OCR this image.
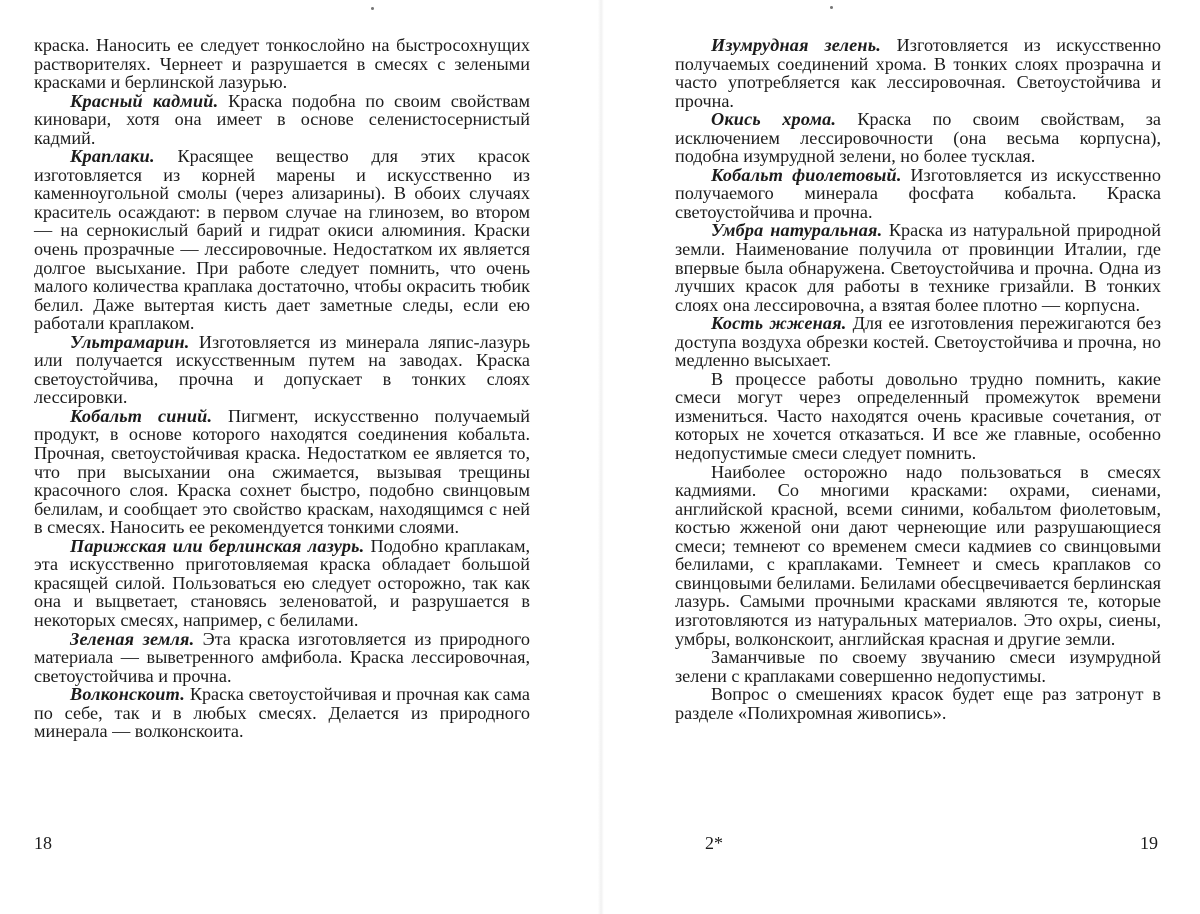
краска. Наносить ее следует тонкослойно на быстросохнущих растворителях. Чернеет и разрушается в смесях с зелеными красками и берлинской лазурью.

Красный кадмий. Краска подобна по своим свойствам киновари, хотя она имеет в основе селенистосернистый кадмий.

Краплаки. Красящее вещество для этих красок изготовляется из корней марены и искусственно из каменноугольной смолы (через ализарины). В обоих случаях краситель осаждают: в первом случае на глинозем, во втором — на сернокислый барий и гидрат окиси алюминия. Краски очень прозрачные — лессировочные. Недостатком их является долгое высыхание. При работе следует помнить, что очень малого количества краплака достаточно, чтобы окрасить тюбик белил. Даже вытертая кисть дает заметные следы, если ею работали краплаком.

Ультрамарин. Изготовляется из минерала ляпис-лазурь или получается искусственным путем на заводах. Краска светоустойчива, прочна и допускает в тонких слоях лессировки.

Кобальт синий. Пигмент, искусственно получаемый продукт, в основе которого находятся соединения кобальта. Прочная, светоустойчивая краска. Недостатком ее является то, что при высыхании она сжимается, вызывая трещины красочного слоя. Краска сохнет быстро, подобно свинцовым белилам, и сообщает это свойство краскам, находящимся с ней в смесях. Наносить ее рекомендуется тонкими слоями.

Парижская или берлинская лазурь. Подобно краплакам, эта искусственно приготовляемая краска обладает большой красящей силой. Пользоваться ею следует осторожно, так как она и выцветает, становясь зеленоватой, и разрушается в некоторых смесях, например, с белилами.

Зеленая земля. Эта краска изготовляется из природного материала — выветренного амфибола. Краска лессировочная, светоустойчива и прочна.

Волконскоит. Краска светоустойчивая и прочная как сама по себе, так и в любых смесях. Делается из природного минерала — волконскоита.

18

Изумрудная зелень. Изготовляется из искусственно получаемых соединений хрома. В тонких слоях прозрачна и часто употребляется как лессировочная. Светоустойчива и прочна.

Окись хрома. Краска по своим свойствам, за исключением лессировочности (она весьма корпусна), подобна изумрудной зелени, но более тусклая.

Кобальт фиолетовый. Изготовляется из искусственно получаемого минерала фосфата кобальта. Краска светоустойчива и прочна.

Умбра натуральная. Краска из натуральной природной земли. Наименование получила от провинции Италии, где впервые была обнаружена. Светоустойчива и прочна. Одна из лучших красок для работы в технике гризайли. В тонких слоях она лессировочна, а взятая более плотно — корпусна.

Кость жженая. Для ее изготовления пережигаются без доступа воздуха обрезки костей. Светоустойчива и прочна, но медленно высыхает.

В процессе работы довольно трудно помнить, какие смеси могут через определенный промежуток времени измениться. Часто находятся очень красивые сочетания, от которых не хочется отказаться. И все же главные, особенно недопустимые смеси следует помнить.

Наиболее осторожно надо пользоваться в смесях кадмиями. Со многими красками: охрами, сиенами, английской красной, всеми синими, кобальтом фиолетовым, костью жженой они дают чернеющие или разрушающиеся смеси; темнеют со временем смеси кадмиев со свинцовыми белилами, с краплаками. Темнеет и смесь краплаков со свинцовыми белилами. Белилами обесцвечивается берлинская лазурь. Самыми прочными красками являются те, которые изготовляются из натуральных материалов. Это охры, сиены, умбры, волконскоит, английская красная и другие земли.

Заманчивые по своему звучанию смеси изумрудной зелени с краплаками совершенно недопустимы.

Вопрос о смешениях красок будет еще раз затронут в разделе «Полихромная живопись».

2*	19
